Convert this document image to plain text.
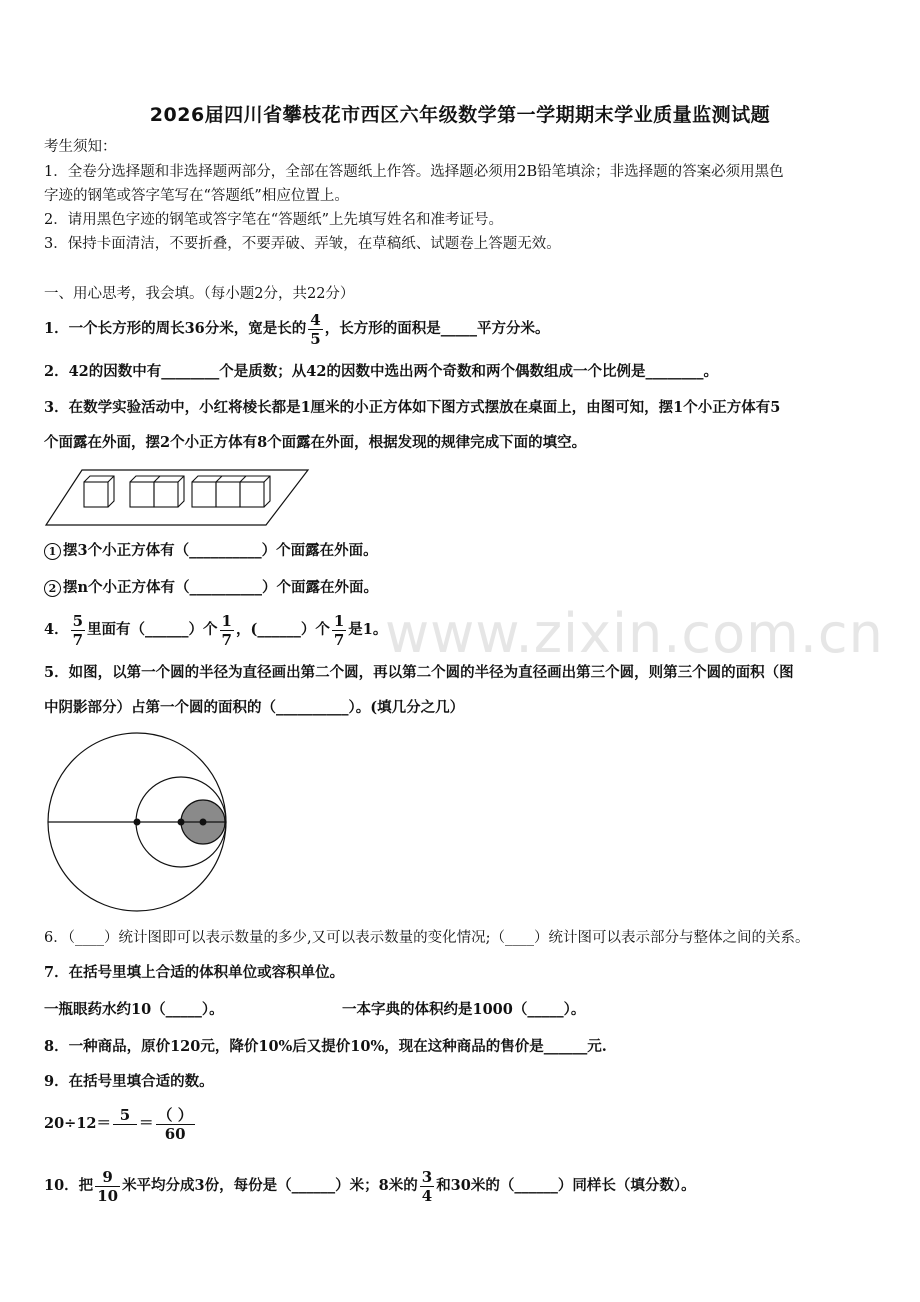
www.zixin.com.cn
2026届四川省攀枝花市西区六年级数学第一学期期末学业质量监测试题
考生须知：
1．全卷分选择题和非选择题两部分，全部在答题纸上作答。选择题必须用2B铅笔填涂；非选择题的答案必须用黑色
字迹的钢笔或答字笔写在“答题纸”相应位置上。
2．请用黑色字迹的钢笔或答字笔在“答题纸”上先填写姓名和准考证号。
3．保持卡面清洁，不要折叠，不要弄破、弄皱，在草稿纸、试题卷上答题无效。
一、用心思考，我会填。（每小题2分，共22分）
1．一个长方形的周长36分米，宽是长的 $\frac{4}{5}$ ，长方形的面积是_____平方分米。
2．42的因数中有________个是质数；从42的因数中选出两个奇数和两个偶数组成一个比例是________。
3．在数学实验活动中，小红将棱长都是1厘米的小正方体如下图方式摆放在桌面上，由图可知，摆1个小正方体有5
个面露在外面，摆2个小正方体有8个面露在外面，根据发现的规律完成下面的填空。
1 摆3个小正方体有（__________）个面露在外面。
2 摆n个小正方体有（__________）个面露在外面。
4． $\frac{5}{7}$ 里面有（______）个 $\frac{1}{7}$ ，(______）个 $\frac{1}{7}$ 是1。
5．如图，以第一个圆的半径为直径画出第二个圆，再以第二个圆的半径为直径画出第三个圆，则第三个圆的面积（图
中阴影部分）占第一个圆的面积的（__________）。(填几分之几）
6．（____）统计图即可以表示数量的多少,又可以表示数量的变化情况;（____）统计图可以表示部分与整体之间的关系。
7．在括号里填上合适的体积单位或容积单位。
一瓶眼药水约10（_____）。	一本字典的体积约是1000（_____）。
8．一种商品，原价120元，降价10%后又提价10%，现在这种商品的售价是______元.
9．在括号里填合适的数。
20÷12＝ 5
＝ $\frac{( )}{60}$
10．把 $\frac{9}{10}$ 米平均分成3份，每份是（______）米；8米的 $\frac{3}{4}$ 和30米的（______）同样长（填分数）。
